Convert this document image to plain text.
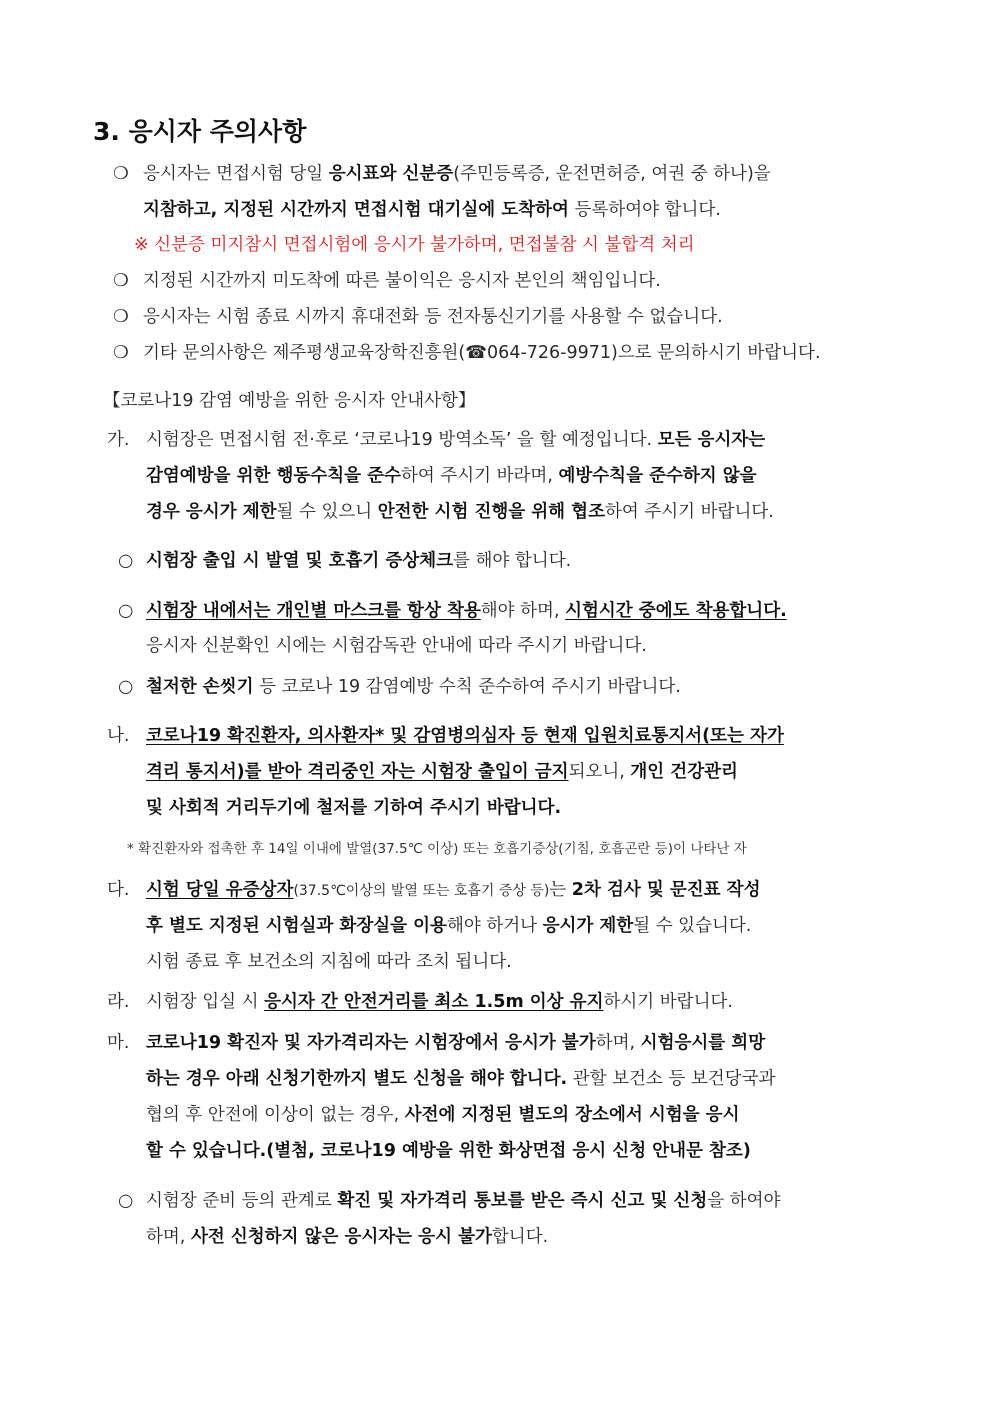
3. 응시자 주의사항
❍ 응시자는 면접시험 당일 응시표와 신분증(주민등록증, 운전면허증, 여권 중 하나)을
지참하고, 지정된 시간까지 면접시험 대기실에 도착하여 등록하여야 합니다.
※ 신분증 미지참시 면접시험에 응시가 불가하며, 면접불참 시 불합격 처리
❍ 지정된 시간까지 미도착에 따른 불이익은 응시자 본인의 책임입니다.
❍ 응시자는 시험 종료 시까지 휴대전화 등 전자통신기기를 사용할 수 없습니다.
❍ 기타 문의사항은 제주평생교육장학진흥원(☎064-726-9971)으로 문의하시기 바랍니다.
【코로나19 감염 예방을 위한 응시자 안내사항】
가. 시험장은 면접시험 전·후로 ‘코로나19 방역소독’ 을 할 예정입니다. 모든 응시자는
감염예방을 위한 행동수칙을 준수하여 주시기 바라며, 예방수칙을 준수하지 않을
경우 응시가 제한될 수 있으니 안전한 시험 진행을 위해 협조하여 주시기 바랍니다.
○ 시험장 출입 시 발열 및 호흡기 증상체크를 해야 합니다.
○ 시험장 내에서는 개인별 마스크를 항상 착용해야 하며, 시험시간 중에도 착용합니다.
응시자 신분확인 시에는 시험감독관 안내에 따라 주시기 바랍니다.
○ 철저한 손씻기 등 코로나 19 감염예방 수칙 준수하여 주시기 바랍니다.
나. 코로나19 확진환자, 의사환자* 및 감염병의심자 등 현재 입원치료통지서(또는 자가
격리 통지서)를 받아 격리중인 자는 시험장 출입이 금지되오니, 개인 건강관리
및 사회적 거리두기에 철저를 기하여 주시기 바랍니다.
* 확진환자와 접촉한 후 14일 이내에 발열(37.5℃ 이상) 또는 호흡기증상(기침, 호흡곤란 등)이 나타난 자
다. 시험 당일 유증상자(37.5℃이상의 발열 또는 호흡기 증상 등)는 2차 검사 및 문진표 작성
후 별도 지정된 시험실과 화장실을 이용해야 하거나 응시가 제한될 수 있습니다.
시험 종료 후 보건소의 지침에 따라 조치 됩니다.
라. 시험장 입실 시 응시자 간 안전거리를 최소 1.5m 이상 유지하시기 바랍니다.
마. 코로나19 확진자 및 자가격리자는 시험장에서 응시가 불가하며, 시험응시를 희망
하는 경우 아래 신청기한까지 별도 신청을 해야 합니다. 관할 보건소 등 보건당국과
협의 후 안전에 이상이 없는 경우, 사전에 지정된 별도의 장소에서 시험을 응시
할 수 있습니다.(별첨, 코로나19 예방을 위한 화상면접 응시 신청 안내문 참조)
○ 시험장 준비 등의 관계로 확진 및 자가격리 통보를 받은 즉시 신고 및 신청을 하여야
하며, 사전 신청하지 않은 응시자는 응시 불가합니다.
